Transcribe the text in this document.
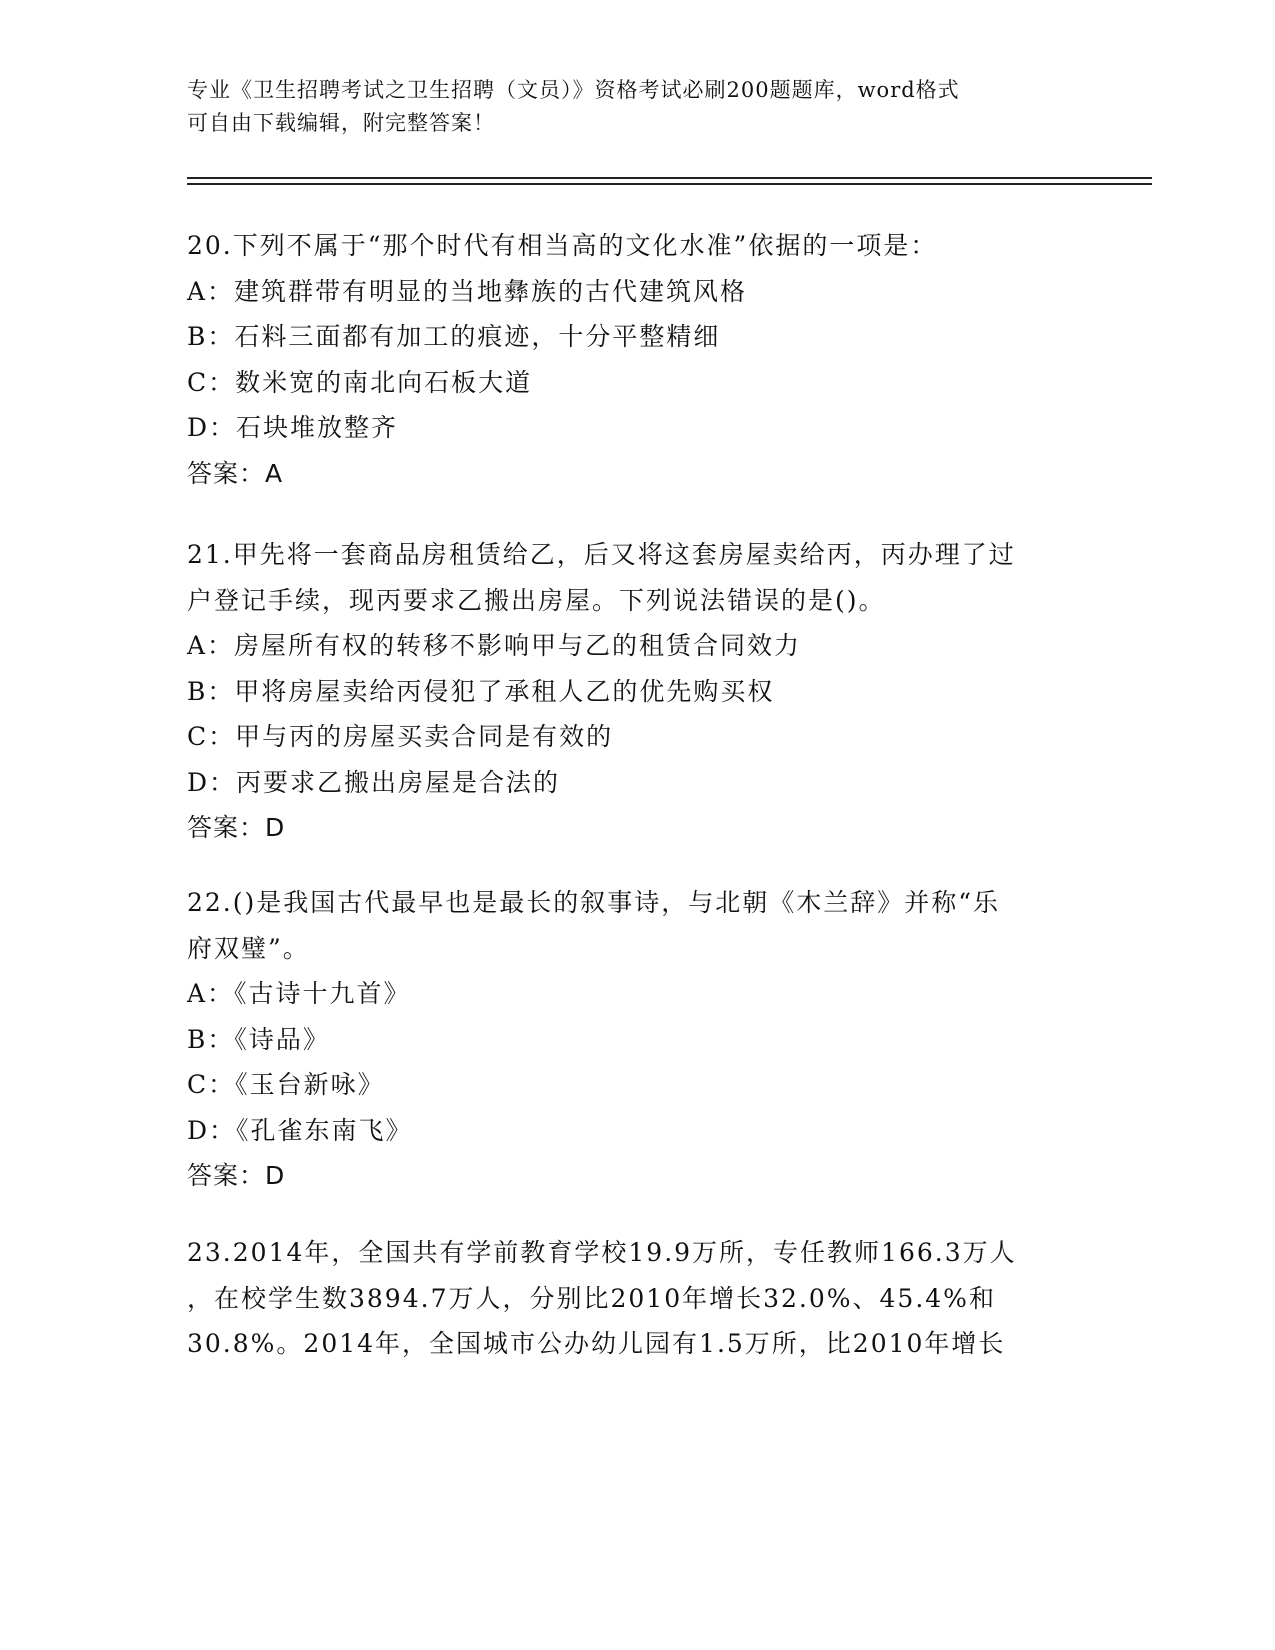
专业《卫生招聘考试之卫生招聘（文员）》资格考试必刷200题题库，word格式
可自由下载编辑，附完整答案！
20.下列不属于“那个时代有相当高的文化水准”依据的一项是：
A：建筑群带有明显的当地彝族的古代建筑风格
B：石料三面都有加工的痕迹，十分平整精细
C：数米宽的南北向石板大道
D：石块堆放整齐
答案：A
21.甲先将一套商品房租赁给乙，后又将这套房屋卖给丙，丙办理了过
户登记手续，现丙要求乙搬出房屋。下列说法错误的是()。
A：房屋所有权的转移不影响甲与乙的租赁合同效力
B：甲将房屋卖给丙侵犯了承租人乙的优先购买权
C：甲与丙的房屋买卖合同是有效的
D：丙要求乙搬出房屋是合法的
答案：D
22.()是我国古代最早也是最长的叙事诗，与北朝《木兰辞》并称“乐
府双璧”。
A：《古诗十九首》
B：《诗品》
C：《玉台新咏》
D：《孔雀东南飞》
答案：D
23.2014年，全国共有学前教育学校19.9万所，专任教师166.3万人
，在校学生数3894.7万人，分别比2010年增长32.0%、45.4%和
30.8%。2014年，全国城市公办幼儿园有1.5万所，比2010年增长
